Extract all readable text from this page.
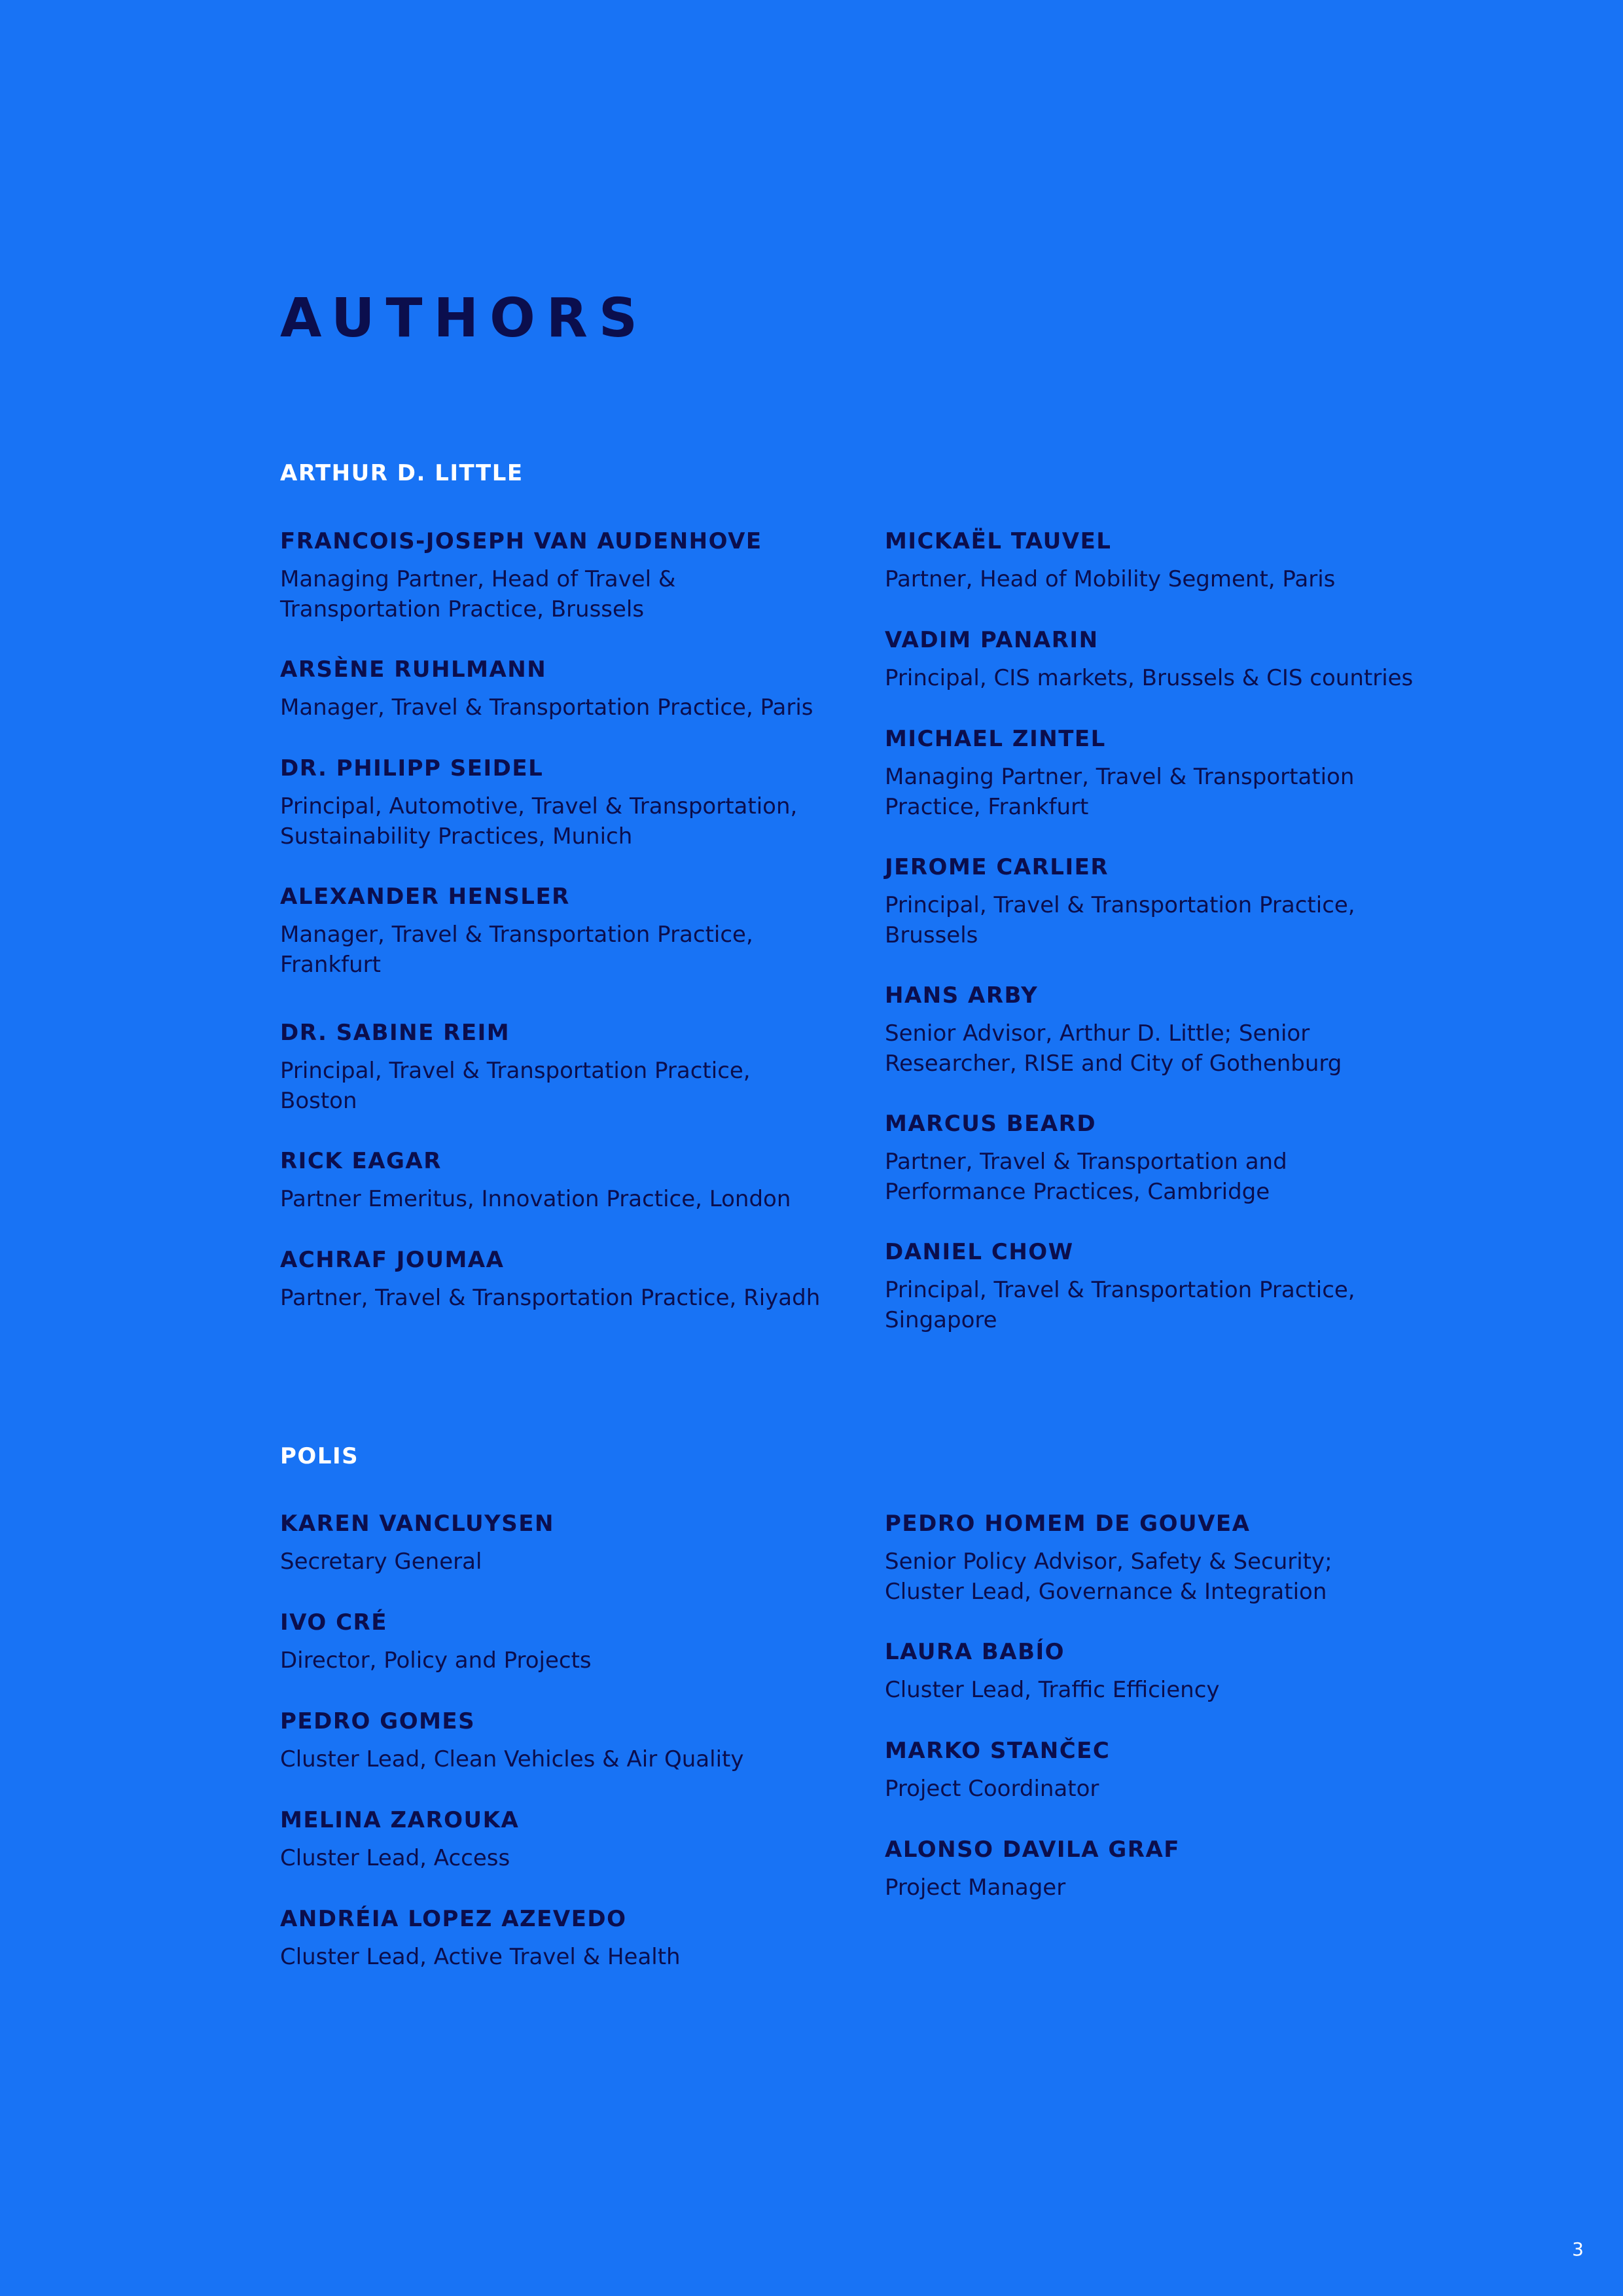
AUTHORS
ARTHUR D. LITTLE

FRANCOIS-JOSEPH VAN AUDENHOVE

Managing Partner, Head of Travel &
Transportation Practice, Brussels

ARSÈNE RUHLMANN

Manager, Travel & Transportation Practice, Paris

DR. PHILIPP SEIDEL

Principal, Automotive, Travel & Transportation,
Sustainability Practices, Munich

ALEXANDER HENSLER

Manager, Travel & Transportation Practice,
Frankfurt

DR. SABINE REIM

Principal, Travel & Transportation Practice,
Boston

RICK EAGAR

Partner Emeritus, Innovation Practice, London

ACHRAF JOUMAA

Partner, Travel & Transportation Practice, Riyadh

MICKAËL TAUVEL

Partner, Head of Mobility Segment, Paris

VADIM PANARIN

Principal, CIS markets, Brussels & CIS countries

MICHAEL ZINTEL

Managing Partner, Travel & Transportation
Practice, Frankfurt

JEROME CARLIER

Principal, Travel & Transportation Practice,
Brussels

HANS ARBY

Senior Advisor, Arthur D. Little; Senior
Researcher, RISE and City of Gothenburg

MARCUS BEARD

Partner, Travel & Transportation and
Performance Practices, Cambridge

DANIEL CHOW

Principal, Travel & Transportation Practice,
Singapore

POLIS

KAREN VANCLUYSEN

Secretary General

IVO CRÉ

Director, Policy and Projects

PEDRO GOMES

Cluster Lead, Clean Vehicles & Air Quality

MELINA ZAROUKA

Cluster Lead, Access

ANDRÉIA LOPEZ AZEVEDO

Cluster Lead, Active Travel & Health

PEDRO HOMEM DE GOUVEA

Senior Policy Advisor, Safety & Security;
Cluster Lead, Governance & Integration

LAURA BABÍO

Cluster Lead, Traffic Efficiency

MARKO STANČEC

Project Coordinator

ALONSO DAVILA GRAF

Project Manager

3
